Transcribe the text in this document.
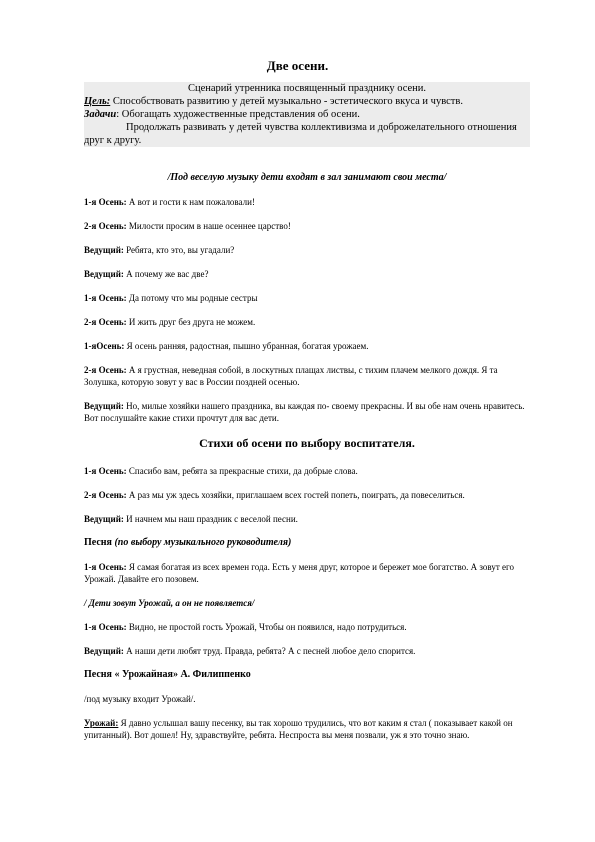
Две осени.

Сценарий утренника посвященный празднику осени.

Цель: Способствовать развитию у детей музыкально - эстетического вкуса и чувств.

Задачи: Обогащать художественные представления об осени.

Продолжать развивать у детей чувства коллективизма и доброжелательного отношения друг к другу.

/Под веселую музыку дети входят в зал занимают свои места/

1-я Осень: А вот и гости к нам пожаловали!

2-я Осень: Милости просим в наше осеннее царство!

Ведущий: Ребята, кто это, вы угадали?

Ведущий: А почему же вас две?

1-я Осень: Да потому что мы родные сестры

2-я Осень: И жить друг без друга не можем.

1-яОсень: Я осень ранняя, радостная, пышно убранная, богатая урожаем.

2-я Осень: А я грустная, неведная собой, в лоскутных плащах листвы, с тихим плачем мелкого дождя. Я та Золушка, которую зовут у вас в России поздней осенью.

Ведущий: Но, милые хозяйки нашего праздника, вы каждая по- своему прекрасны. И вы обе нам очень нравитесь. Вот послушайте какие стихи прочтут для вас дети.

Стихи об осени по выбору воспитателя.

1-я Осень: Спасибо вам, ребята за прекрасные стихи, да добрые слова.

2-я Осень: А раз мы уж здесь хозяйки, приглашаем всех гостей попеть, поиграть, да повеселиться.

Ведущий: И начнем мы наш праздник с веселой песни.

Песня (по выбору музыкального руководителя)

1-я Осень: Я самая богатая из всех времен года. Есть у меня друг, которое и бережет мое богатство. А зовут его Урожай. Давайте его позовем.

/ Дети зовут Урожай, а он не появляется/

1-я Осень: Видно, не простой гость Урожай, Чтобы он появился, надо потрудиться.

Ведущий: А наши дети любят труд. Правда, ребята? А с песней любое дело спорится.

Песня « Урожайная» А. Филиппенко

/под музыку входит Урожай/.

Урожай: Я давно услышал вашу песенку, вы так хорошо трудились, что вот каким я стал ( показывает какой он упитанный). Вот дошел! Ну, здравствуйте, ребята. Неспроста вы меня позвали, уж я это точно знаю.
